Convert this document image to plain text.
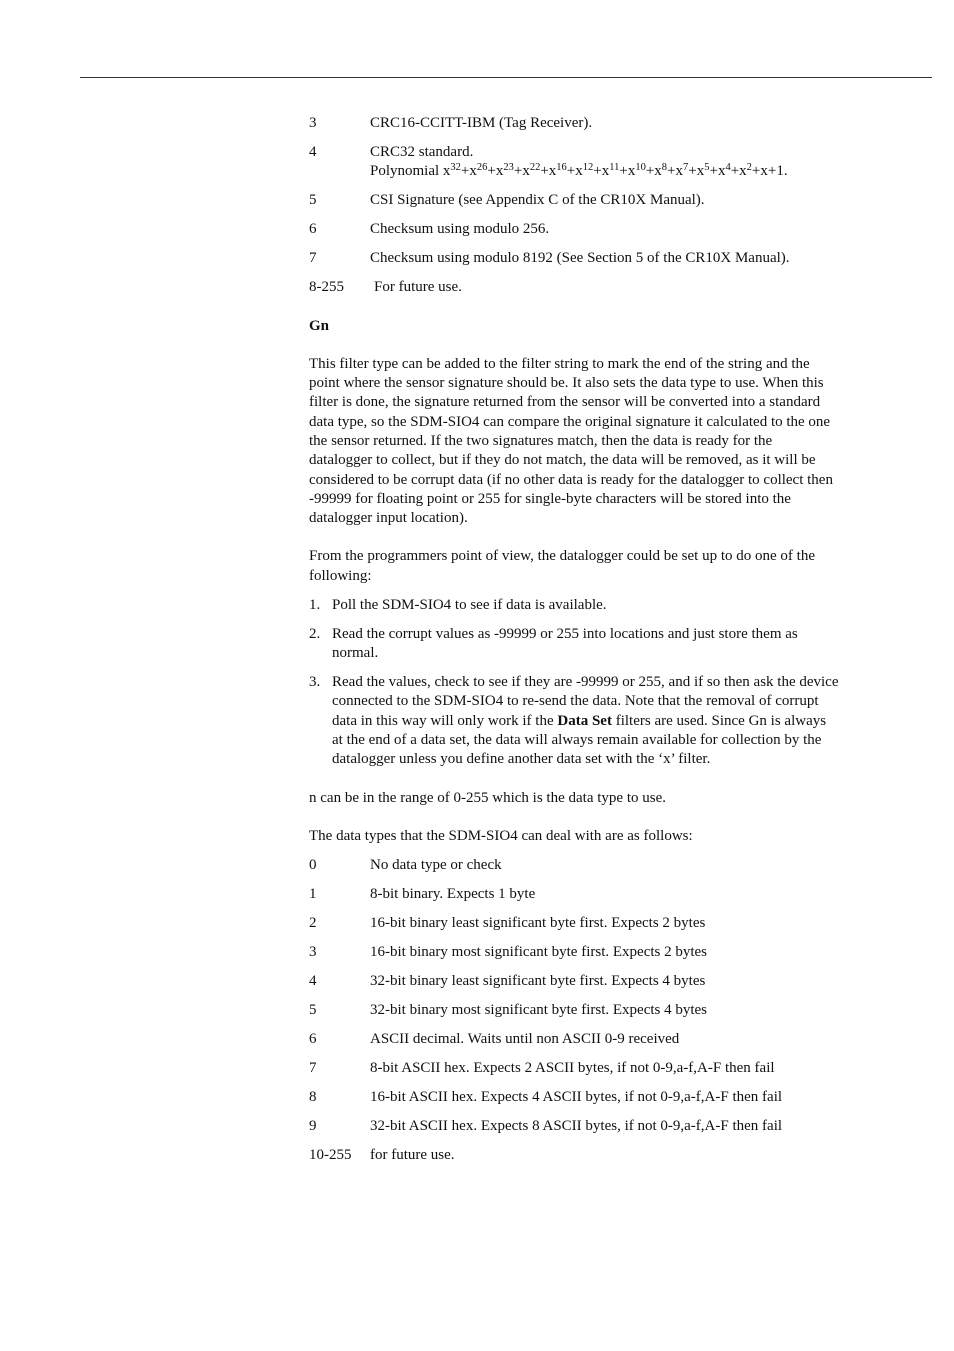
3	CRC16-CCITT-IBM (Tag Receiver).
4	CRC32 standard.
Polynomial $x^{32}+x^{26}+x^{23}+x^{22}+x^{16}+x^{12}+x^{11}+x^{10}+x^8+x^7+x^5+x^4+x^2+x+1$.
5	CSI Signature (see Appendix C of the CR10X Manual).
6	Checksum using modulo 256.
7	Checksum using modulo 8192 (See Section 5 of the CR10X Manual).
8-255	For future use.
Gn

This filter type can be added to the filter string to mark the end of the string and the point where the sensor signature should be. It also sets the data type to use. When this filter is done, the signature returned from the sensor will be converted into a standard data type, so the SDM-SIO4 can compare the original signature it calculated to the one the sensor returned. If the two signatures match, then the data is ready for the datalogger to collect, but if they do not match, the data will be removed, as it will be considered to be corrupt data (if no other data is ready for the datalogger to collect then -99999 for floating point or 255 for single-byte characters will be stored into the datalogger input location).

From the programmers point of view, the datalogger could be set up to do one of the following:

1. Poll the SDM-SIO4 to see if data is available.
2. Read the corrupt values as -99999 or 255 into locations and just store them as normal.
3. Read the values, check to see if they are -99999 or 255, and if so then ask the device connected to the SDM-SIO4 to re-send the data. Note that the removal of corrupt data in this way will only work if the Data Set filters are used. Since Gn is always at the end of a data set, the data will always remain available for collection by the datalogger unless you define another data set with the ‘x’ filter.

n can be in the range of 0-255 which is the data type to use.

The data types that the SDM-SIO4 can deal with are as follows:

0	No data type or check
1	8-bit binary. Expects 1 byte
2	16-bit binary least significant byte first. Expects 2 bytes
3	16-bit binary most significant byte first. Expects 2 bytes
4	32-bit binary least significant byte first. Expects 4 bytes
5	32-bit binary most significant byte first. Expects 4 bytes
6	ASCII decimal. Waits until non ASCII 0-9 received
7	8-bit ASCII hex. Expects 2 ASCII bytes, if not 0-9,a-f,A-F then fail
8	16-bit ASCII hex. Expects 4 ASCII bytes, if not 0-9,a-f,A-F then fail
9	32-bit ASCII hex. Expects 8 ASCII bytes, if not 0-9,a-f,A-F then fail
10-255	for future use.
